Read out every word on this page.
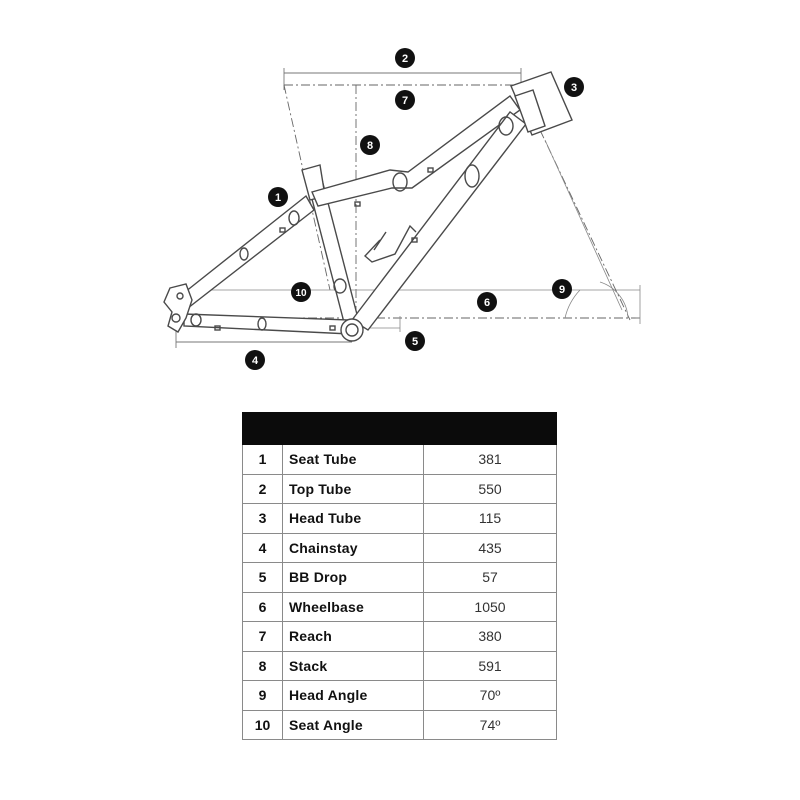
1
2
3
4
5
6
7
8
9
10

1	Seat Tube	381
2	Top Tube	550
3	Head Tube	115
4	Chainstay	435
5	BB Drop	57
6	Wheelbase	1050
7	Reach	380
8	Stack	591
9	Head Angle	70º
10	Seat Angle	74º
